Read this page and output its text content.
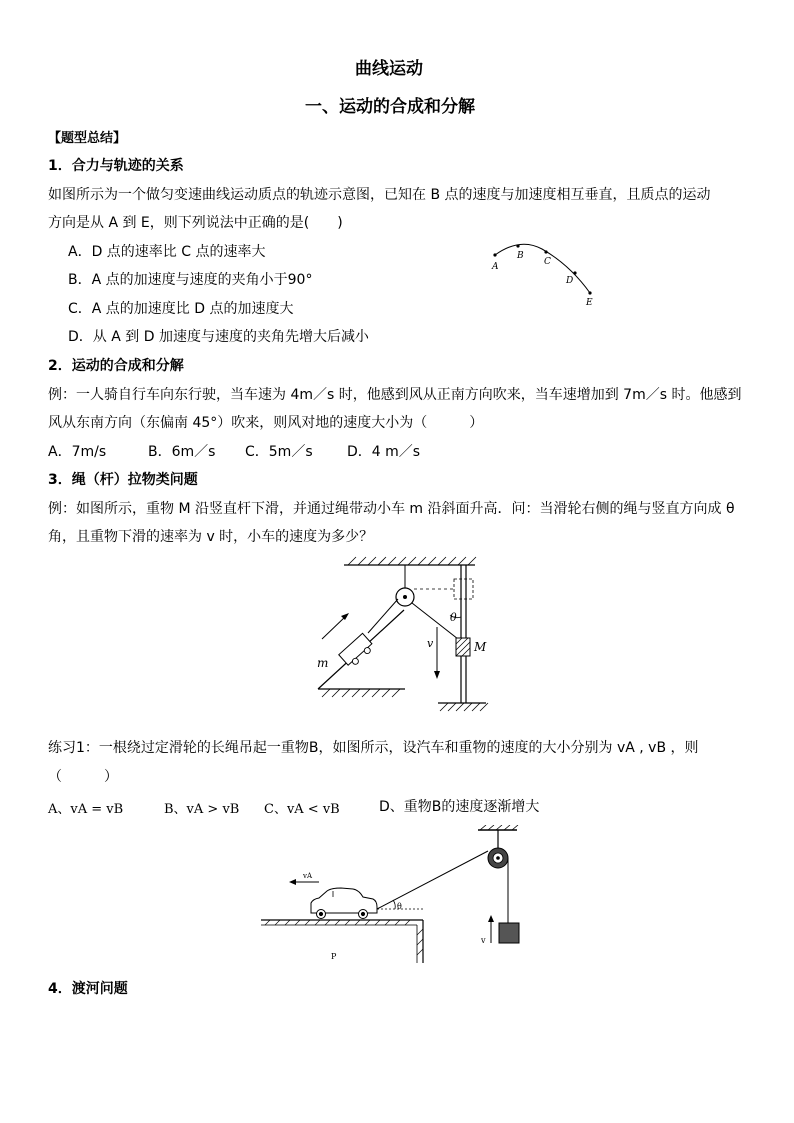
曲线运动
一、运动的合成和分解
【题型总结】
1．合力与轨迹的关系
如图所示为一个做匀变速曲线运动质点的轨迹示意图，已知在 B 点的速度与加速度相互垂直，且质点的运动
方向是从 A 到 E，则下列说法中正确的是(　　)
A．D 点的速率比 C 点的速率大
B．A 点的加速度与速度的夹角小于90°
C．A 点的加速度比 D 点的加速度大
D．从 A 到 D 加速度与速度的夹角先增大后减小
A
B
C
D
E
2．运动的合成和分解
例：一人骑自行车向东行驶，当车速为 4m／s 时，他感到风从正南方向吹来，当车速增加到 7m／s 时。他感到
风从东南方向（东偏南 45°）吹来，则风对地的速度大小为（　　　）
A．7m/s	B．6m／s C．5m／s D．4 m／s
3．绳（杆）拉物类问题
例：如图所示，重物 M 沿竖直杆下滑，并通过绳带动小车 m 沿斜面升高．问：当滑轮右侧的绳与竖直方向成 θ
角，且重物下滑的速率为 v 时，小车的速度为多少？
θ
v	M
m
练习1：一根绕过定滑轮的长绳吊起一重物B，如图所示，设汽车和重物的速度的大小分别为 vA , vB ，则
（　　　）
A、vA = vB	B、vA > vB C、vA < vB	D、重物B的速度逐渐增大
v
θ
vA
P
4．渡河问题
